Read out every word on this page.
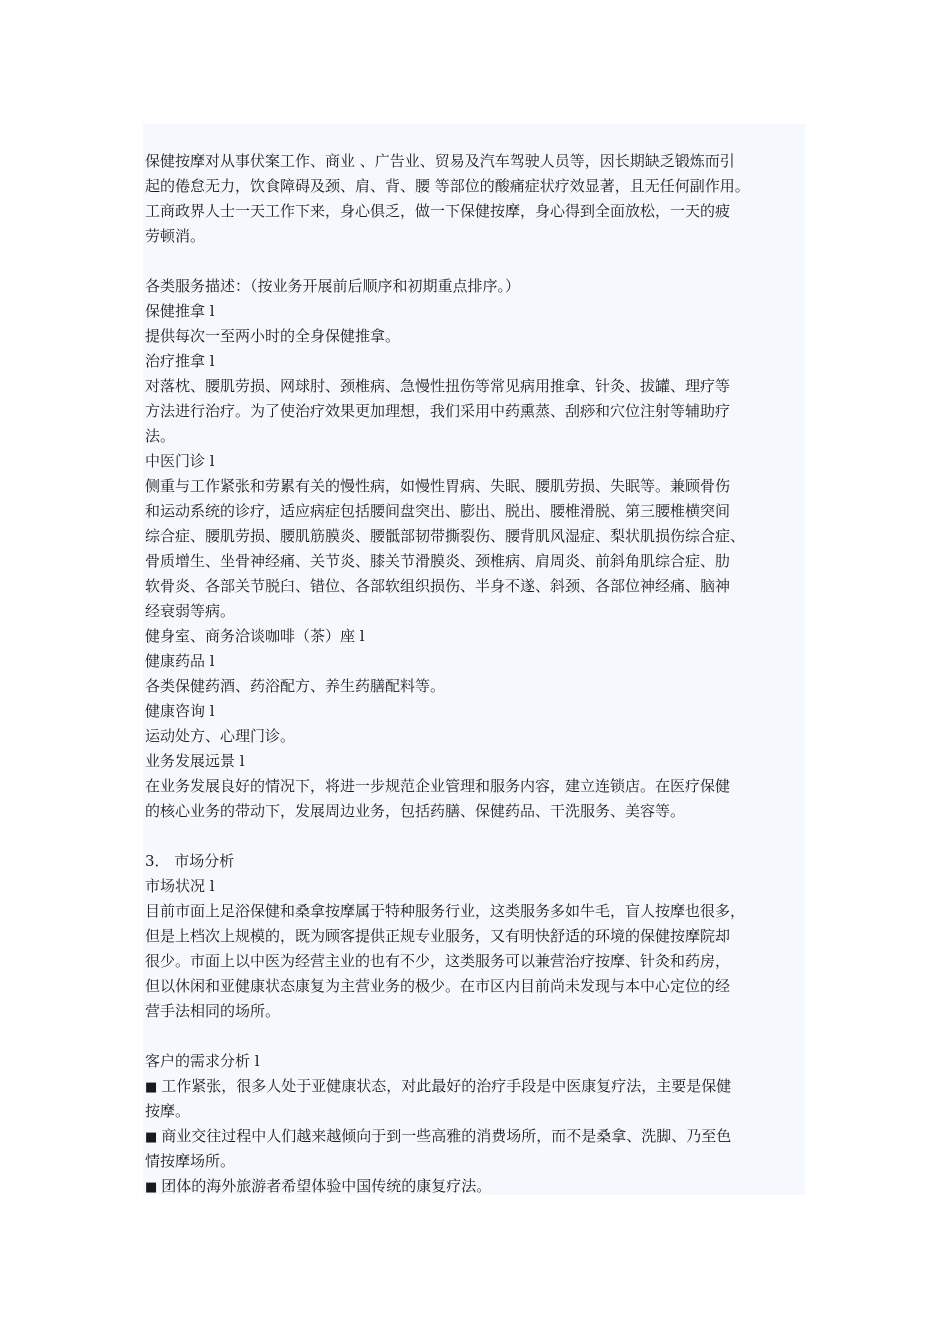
保健按摩对从事伏案工作、商业 、广告业、贸易及汽车驾驶人员等，因长期缺乏锻炼而引
起的倦怠无力，饮食障碍及颈、肩、背、腰 等部位的酸痛症状疗效显著，且无任何副作用。
工商政界人士一天工作下来，身心俱乏，做一下保健按摩，身心得到全面放松，一天的疲
劳顿消。
各类服务描述：（按业务开展前后顺序和初期重点排序。）
保健推拿 l
提供每次一至两小时的全身保健推拿。
治疗推拿 l
对落枕、腰肌劳损、网球肘、颈椎病、急慢性扭伤等常见病用推拿、针灸、拔罐、理疗等
方法进行治疗。为了使治疗效果更加理想，我们采用中药熏蒸、刮痧和穴位注射等辅助疗
法。
中医门诊 l
侧重与工作紧张和劳累有关的慢性病，如慢性胃病、失眠、腰肌劳损、失眠等。兼顾骨伤
和运动系统的诊疗，适应病症包括腰间盘突出、膨出、脱出、腰椎滑脱、第三腰椎横突间
综合症、腰肌劳损、腰肌筋膜炎、腰骶部韧带撕裂伤、腰背肌风湿症、梨状肌损伤综合症、
骨质增生、坐骨神经痛、关节炎、膝关节滑膜炎、颈椎病、肩周炎、前斜角肌综合症、肋
软骨炎、各部关节脱臼、错位、各部软组织损伤、半身不遂、斜颈、各部位神经痛、脑神
经衰弱等病。
健身室、商务洽谈咖啡（茶）座 l
健康药品 l
各类保健药酒、药浴配方、养生药膳配料等。
健康咨询 l
运动处方、心理门诊。
业务发展远景 l
在业务发展良好的情况下，将进一步规范企业管理和服务内容，建立连锁店。在医疗保健
的核心业务的带动下，发展周边业务，包括药膳、保健药品、干洗服务、美容等。
3． 市场分析
市场状况 l
目前市面上足浴保健和桑拿按摩属于特种服务行业，这类服务多如牛毛，盲人按摩也很多，
但是上档次上规模的，既为顾客提供正规专业服务，又有明快舒适的环境的保健按摩院却
很少。市面上以中医为经营主业的也有不少，这类服务可以兼营治疗按摩、针灸和药房，
但以休闲和亚健康状态康复为主营业务的极少。在市区内目前尚未发现与本中心定位的经
营手法相同的场所。
客户的需求分析 l
■ 工作紧张，很多人处于亚健康状态，对此最好的治疗手段是中医康复疗法，主要是保健
按摩。
■ 商业交往过程中人们越来越倾向于到一些高雅的消费场所，而不是桑拿、洗脚、乃至色
情按摩场所。
■ 团体的海外旅游者希望体验中国传统的康复疗法。
